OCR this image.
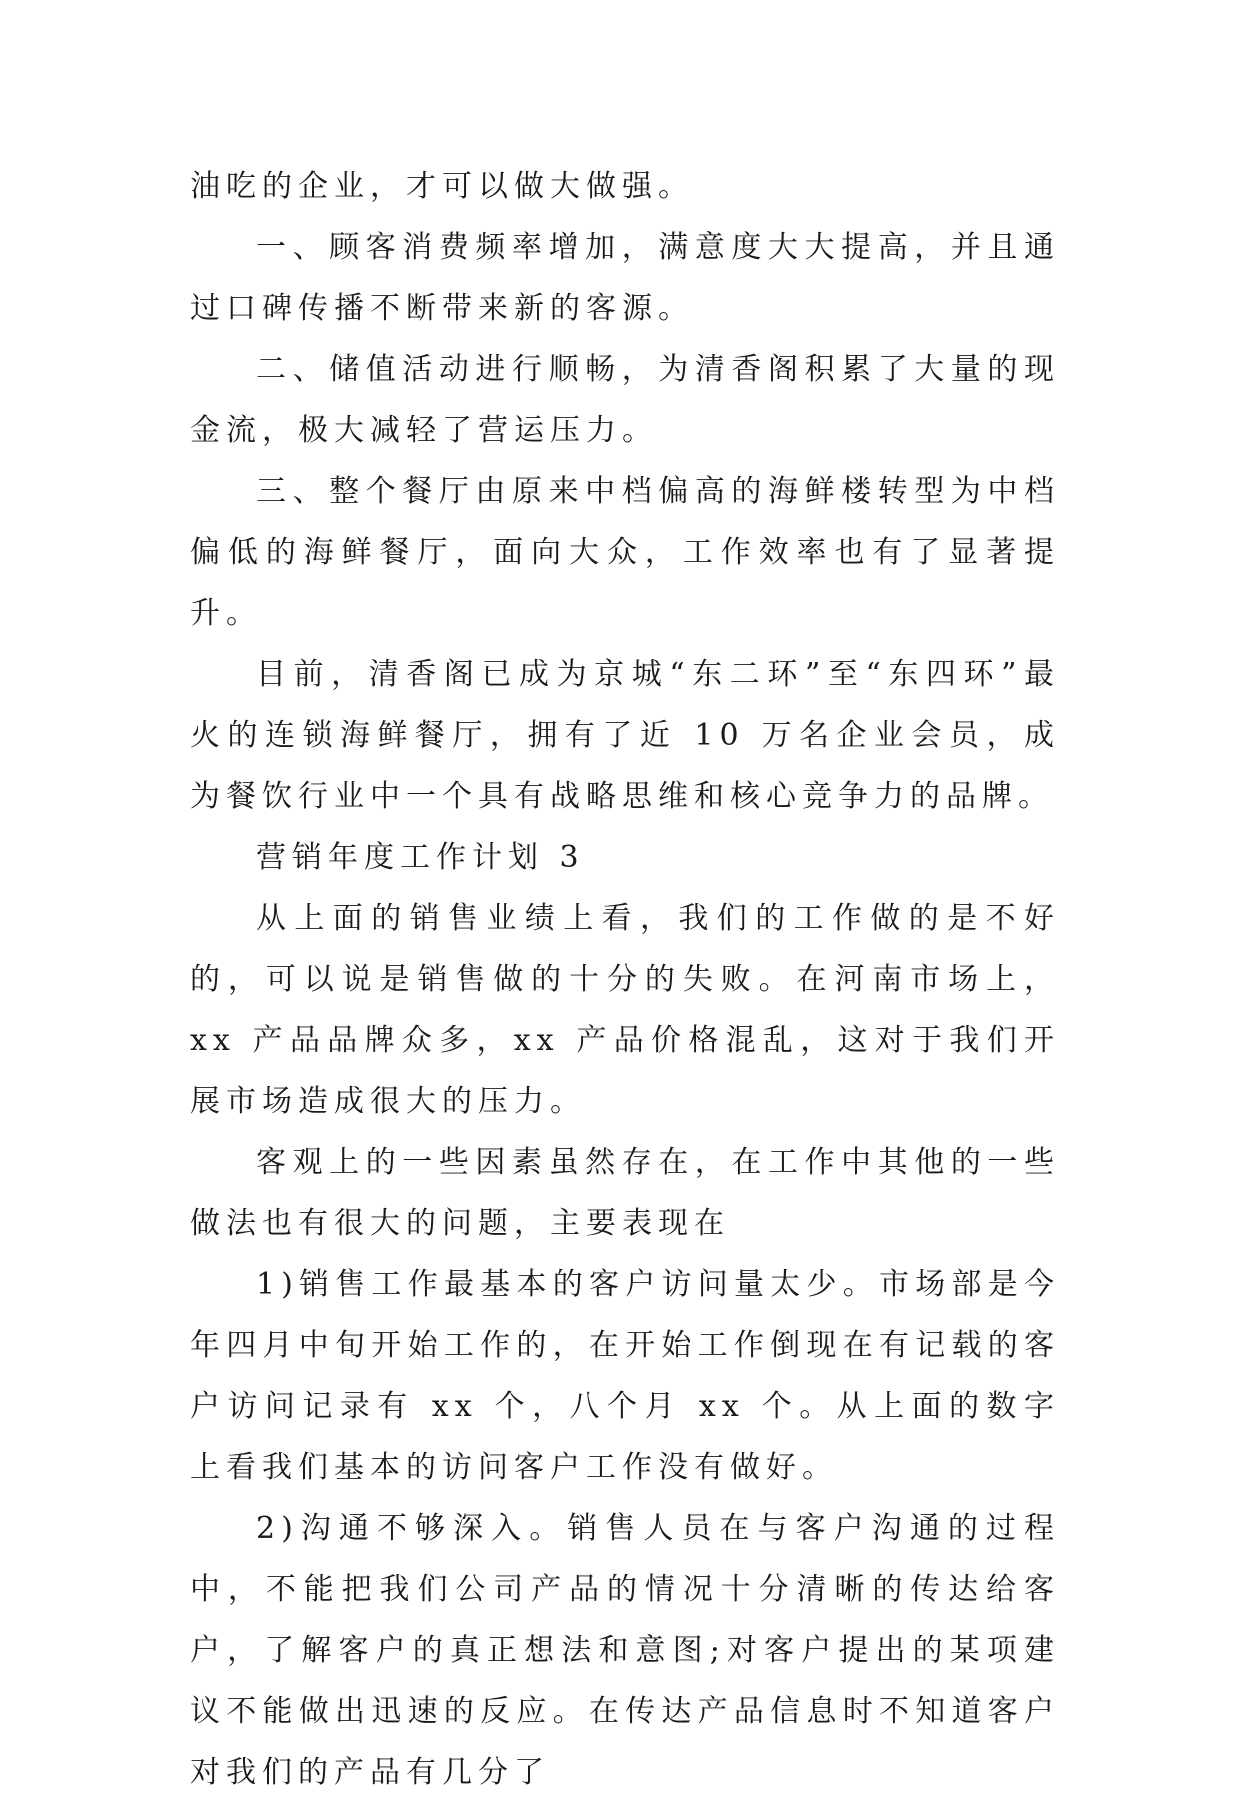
油吃的企业，才可以做大做强。

一、顾客消费频率增加，满意度大大提高，并且通过口碑传播不断带来新的客源。

二、储值活动进行顺畅，为清香阁积累了大量的现金流，极大减轻了营运压力。

三、整个餐厅由原来中档偏高的海鲜楼转型为中档偏低的海鲜餐厅，面向大众，工作效率也有了显著提升。

目前，清香阁已成为京城“东二环”至“东四环”最火的连锁海鲜餐厅，拥有了近 10 万名企业会员，成为餐饮行业中一个具有战略思维和核心竞争力的品牌。

营销年度工作计划 3

从上面的销售业绩上看，我们的工作做的是不好的，可以说是销售做的十分的失败。在河南市场上，xx 产品品牌众多，xx 产品价格混乱，这对于我们开展市场造成很大的压力。

客观上的一些因素虽然存在，在工作中其他的一些做法也有很大的问题，主要表现在

1)销售工作最基本的客户访问量太少。市场部是今年四月中旬开始工作的，在开始工作倒现在有记载的客户访问记录有 xx 个，八个月 xx 个。从上面的数字上看我们基本的访问客户工作没有做好。

2)沟通不够深入。销售人员在与客户沟通的过程中，不能把我们公司产品的情况十分清晰的传达给客户，了解客户的真正想法和意图;对客户提出的某项建议不能做出迅速的反应。在传达产品信息时不知道客户对我们的产品有几分了
